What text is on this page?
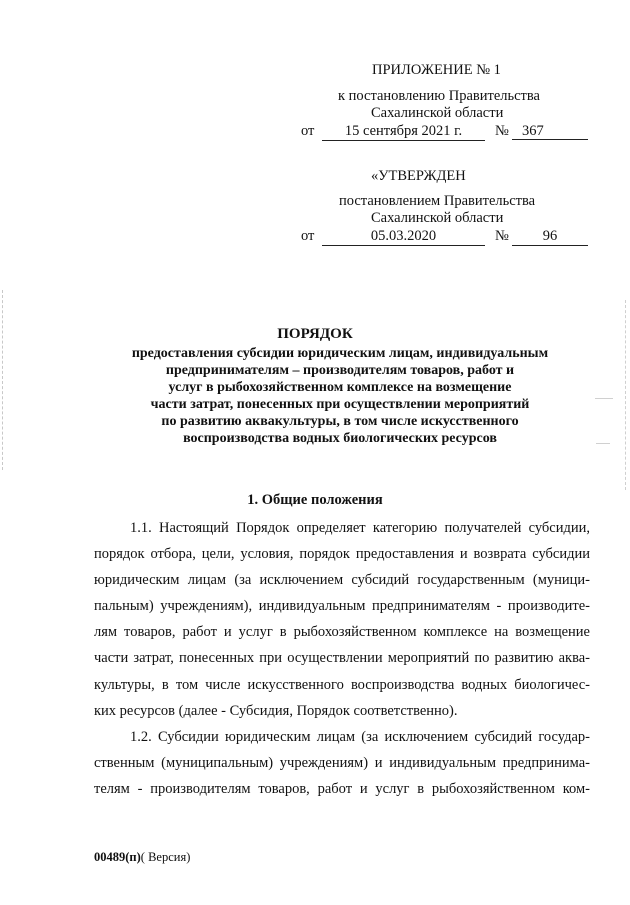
ПРИЛОЖЕНИЕ № 1
к постановлению Правительства
Сахалинской области
от	15 сентября 2021 г.	№ 367
«УТВЕРЖДЕН
постановлением Правительства
Сахалинской области
от	05.03.2020	№	96
ПОРЯДОК
предоставления субсидии юридическим лицам, индивидуальным
предпринимателям – производителям товаров, работ и
услуг в рыбохозяйственном комплексе на возмещение
части затрат, понесенных при осуществлении мероприятий
по развитию аквакультуры, в том числе искусственного
воспроизводства водных биологических ресурсов
1. Общие положения
1.1. Настоящий Порядок определяет категорию получателей субсидии,
порядок отбора, цели, условия, порядок предоставления и возврата субсидии
юридическим лицам (за исключением субсидий государственным (муници-
пальным) учреждениям), индивидуальным предпринимателям - производите-
лям товаров, работ и услуг в рыбохозяйственном комплексе на возмещение
части затрат, понесенных при осуществлении мероприятий по развитию аква-
культуры, в том числе искусственного воспроизводства водных биологичес-
ких ресурсов (далее - Субсидия, Порядок соответственно).
1.2. Субсидии юридическим лицам (за исключением субсидий государ-
ственным (муниципальным) учреждениям) и индивидуальным предпринима-
телям - производителям товаров, работ и услуг в рыбохозяйственном ком-
00489(п)( Версия)
